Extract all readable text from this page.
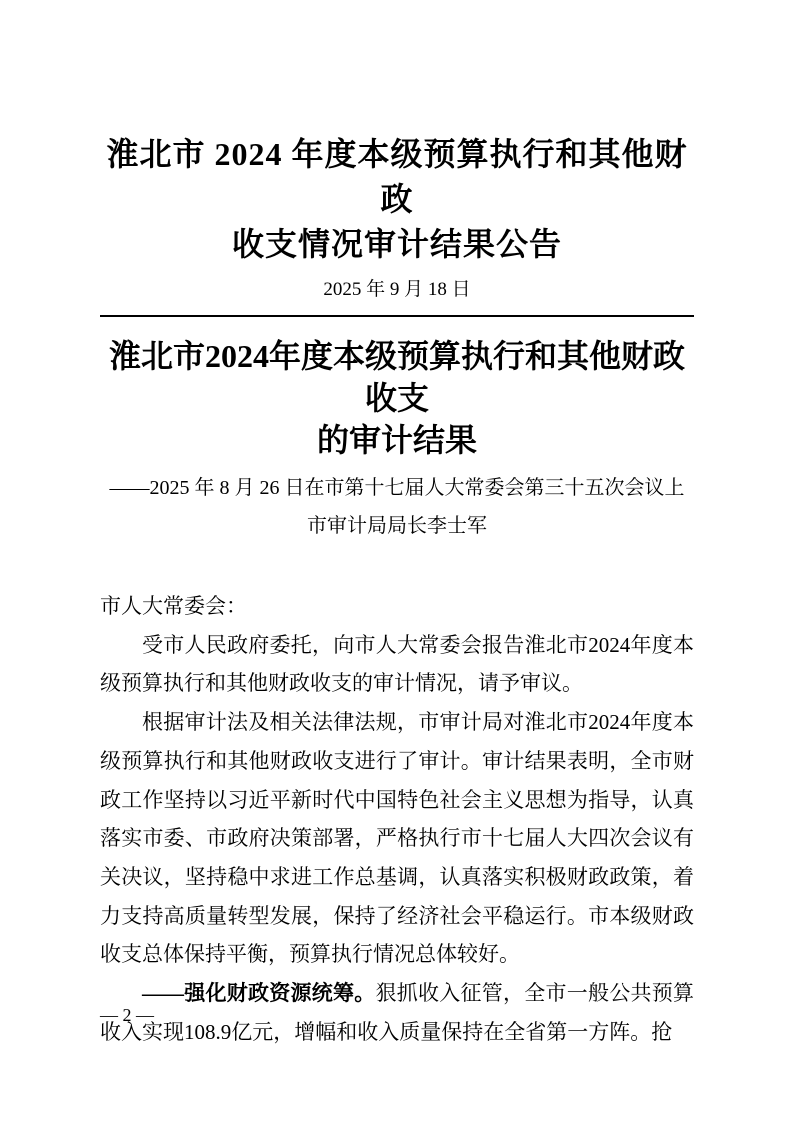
淮北市 2024 年度本级预算执行和其他财政
收支情况审计结果公告
2025 年 9 月 18 日
淮北市2024年度本级预算执行和其他财政收支
的审计结果
——2025 年 8 月 26 日在市第十七届人大常委会第三十五次会议上
市审计局局长李士军

市人大常委会：

受市人民政府委托，向市人大常委会报告淮北市2024年度本级预算执行和其他财政收支的审计情况，请予审议。

根据审计法及相关法律法规，市审计局对淮北市2024年度本级预算执行和其他财政收支进行了审计。审计结果表明，全市财政工作坚持以习近平新时代中国特色社会主义思想为指导，认真落实市委、市政府决策部署，严格执行市十七届人大四次会议有关决议，坚持稳中求进工作总基调，认真落实积极财政政策，着力支持高质量转型发展，保持了经济社会平稳运行。市本级财政收支总体保持平衡，预算执行情况总体较好。

——强化财政资源统筹。狠抓收入征管，全市一般公共预算收入实现108.9亿元，增幅和收入质量保持在全省第一方阵。抢

— 2 —
